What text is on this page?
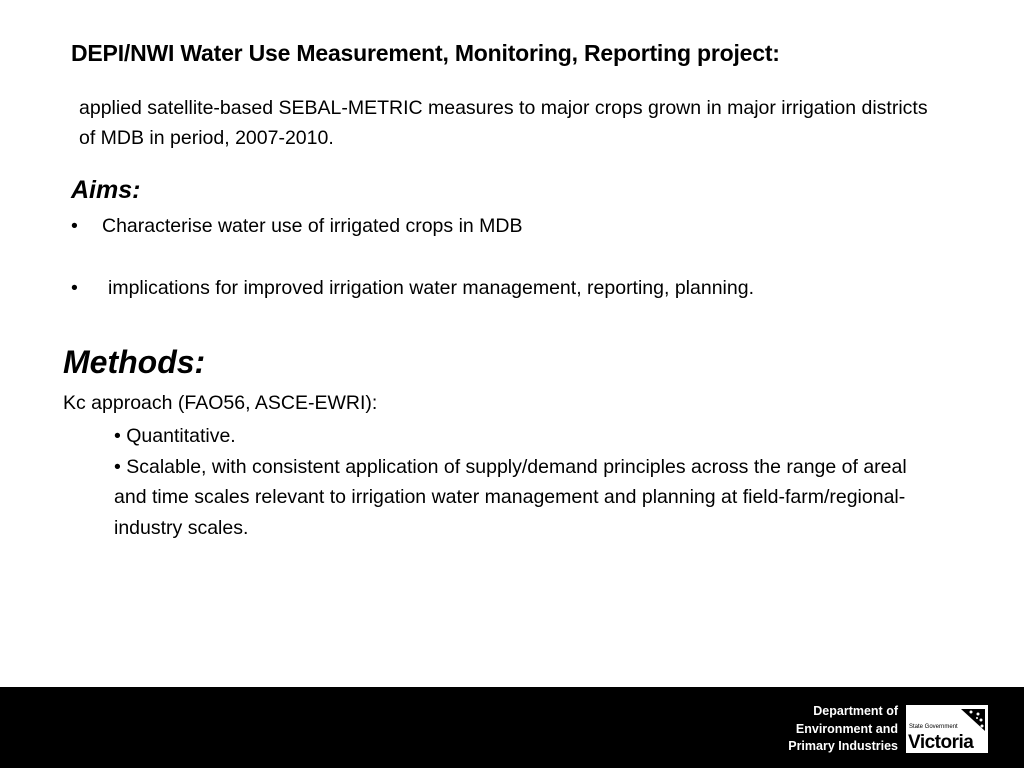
DEPI/NWI Water Use Measurement, Monitoring, Reporting project:
applied satellite-based SEBAL-METRIC measures to major crops grown in major irrigation districts of MDB in period, 2007-2010.
Aims:
• Characterise water use of irrigated crops in MDB
• implications for improved irrigation water management, reporting, planning.
Methods:
Kc approach (FAO56, ASCE-EWRI):

• Quantitative.

• Scalable, with consistent application of supply/demand principles across the range of areal and time scales relevant to irrigation water management and planning at field-farm/regional-industry scales.

Department of
Environment and
Primary Industries
State Government
Victoria
